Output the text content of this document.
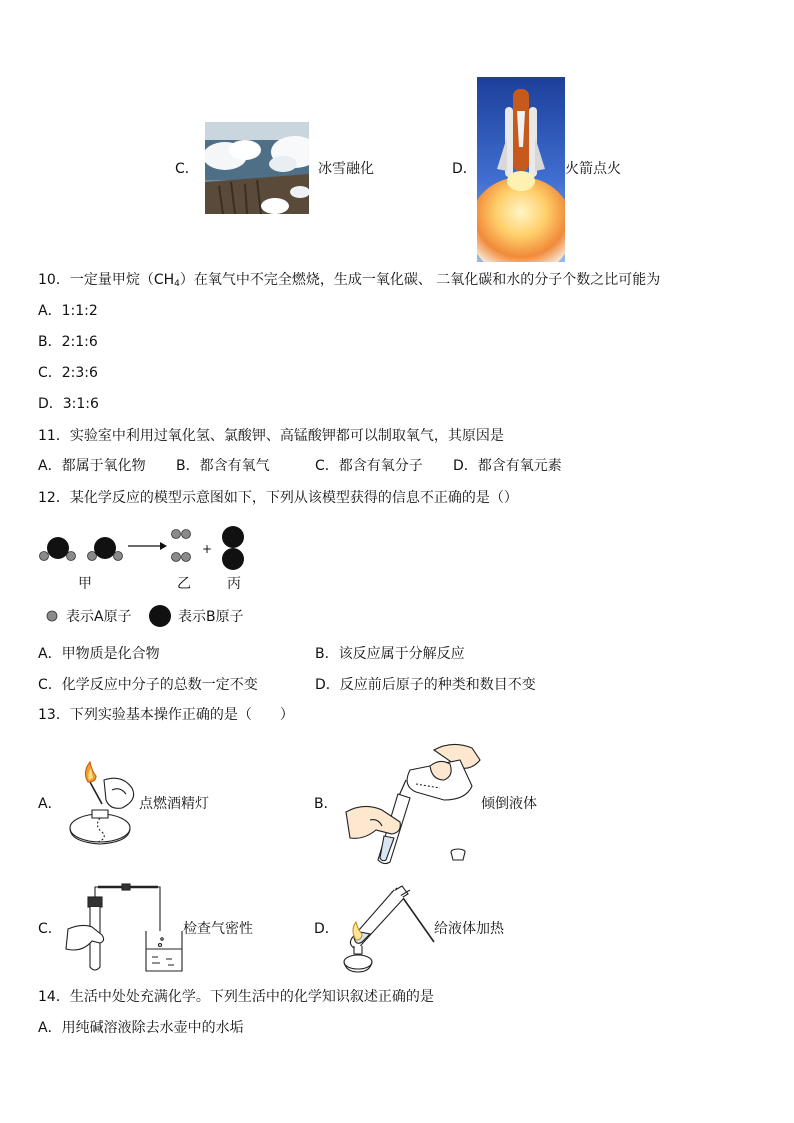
C．	冰雪融化	D．	火箭点火
10．一定量甲烷$(CH_4)$在氧气中不完全燃烧，生成一氧化碳、 二氧化碳和水的分子个数之比可能为
A．1:1:2
B．2:1:6
C．2:3:6
D．3:1:6
11．实验室中利用过氧化氢、氯酸钾、高锰酸钾都可以制取氧气，其原因是
A．都属于氧化物 B．都含有氧气	C．都含有氧分子 D．都含有氧元素
12．某化学反应的模型示意图如下，下列从该模型获得的信息不正确的是（）
+
甲	乙	丙
表示A原子	表示B原子
A．甲物质是化合物	B．该反应属于分解反应
C．化学反应中分子的总数一定不变	D．反应前后原子的种类和数目不变
13．下列实验基本操作正确的是（　　）
A．	点燃酒精灯	B．	倾倒液体
C．	检查气密性	D．	给液体加热
14．生活中处处充满化学。下列生活中的化学知识叙述正确的是
A．用纯碱溶液除去水壶中的水垢
